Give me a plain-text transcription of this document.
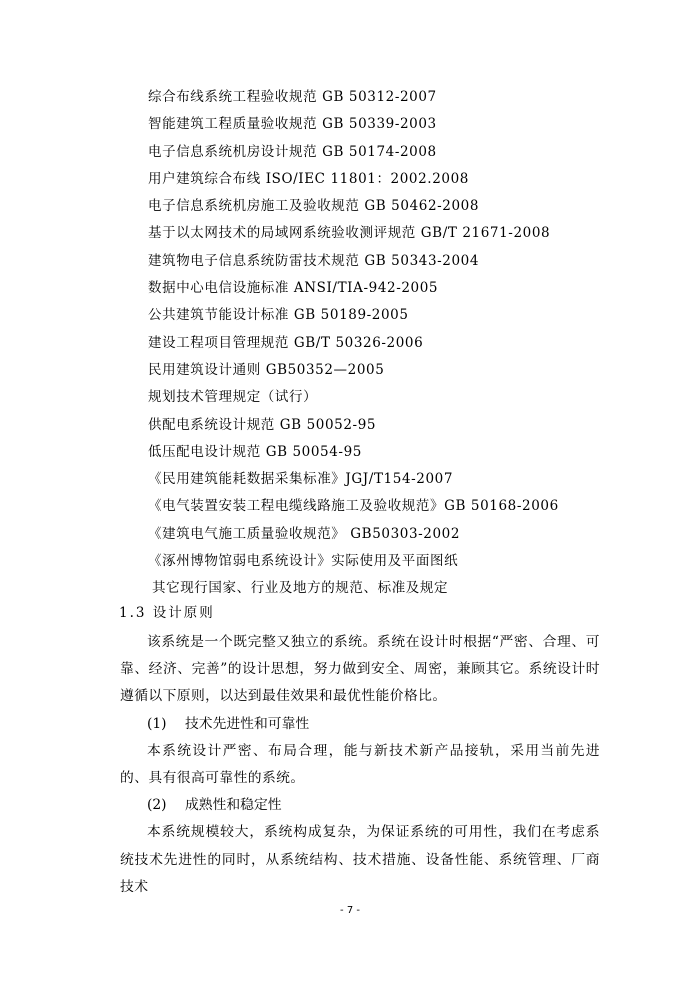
综合布线系统工程验收规范 GB 50312-2007
智能建筑工程质量验收规范 GB 50339-2003
电子信息系统机房设计规范 GB 50174-2008
用户建筑综合布线 ISO/IEC 11801：2002.2008
电子信息系统机房施工及验收规范 GB 50462-2008
基于以太网技术的局域网系统验收测评规范 GB/T 21671-2008
建筑物电子信息系统防雷技术规范 GB 50343-2004
数据中心电信设施标准 ANSI/TIA-942-2005
公共建筑节能设计标准 GB 50189-2005
建设工程项目管理规范 GB/T 50326-2006
民用建筑设计通则 GB50352—2005
规划技术管理规定（试行）
供配电系统设计规范 GB 50052-95
低压配电设计规范 GB 50054-95
《民用建筑能耗数据采集标准》JGJ/T154-2007
《电气装置安装工程电缆线路施工及验收规范》GB 50168-2006
《建筑电气施工质量验收规范》 GB50303-2002
《涿州博物馆弱电系统设计》实际使用及平面图纸
其它现行国家、行业及地方的规范、标准及规定
1.3 设计原则

该系统是一个既完整又独立的系统。系统在设计时根据“严密、合理、可靠、经济、完善”的设计思想，努力做到安全、周密，兼顾其它。系统设计时遵循以下原则，以达到最佳效果和最优性能价格比。

(1) 技术先进性和可靠性

本系统设计严密、布局合理，能与新技术新产品接轨，采用当前先进的、具有很高可靠性的系统。

(2) 成熟性和稳定性

本系统规模较大，系统构成复杂，为保证系统的可用性，我们在考虑系统技术先进性的同时，从系统结构、技术措施、设备性能、系统管理、厂商技术

- 7 -
